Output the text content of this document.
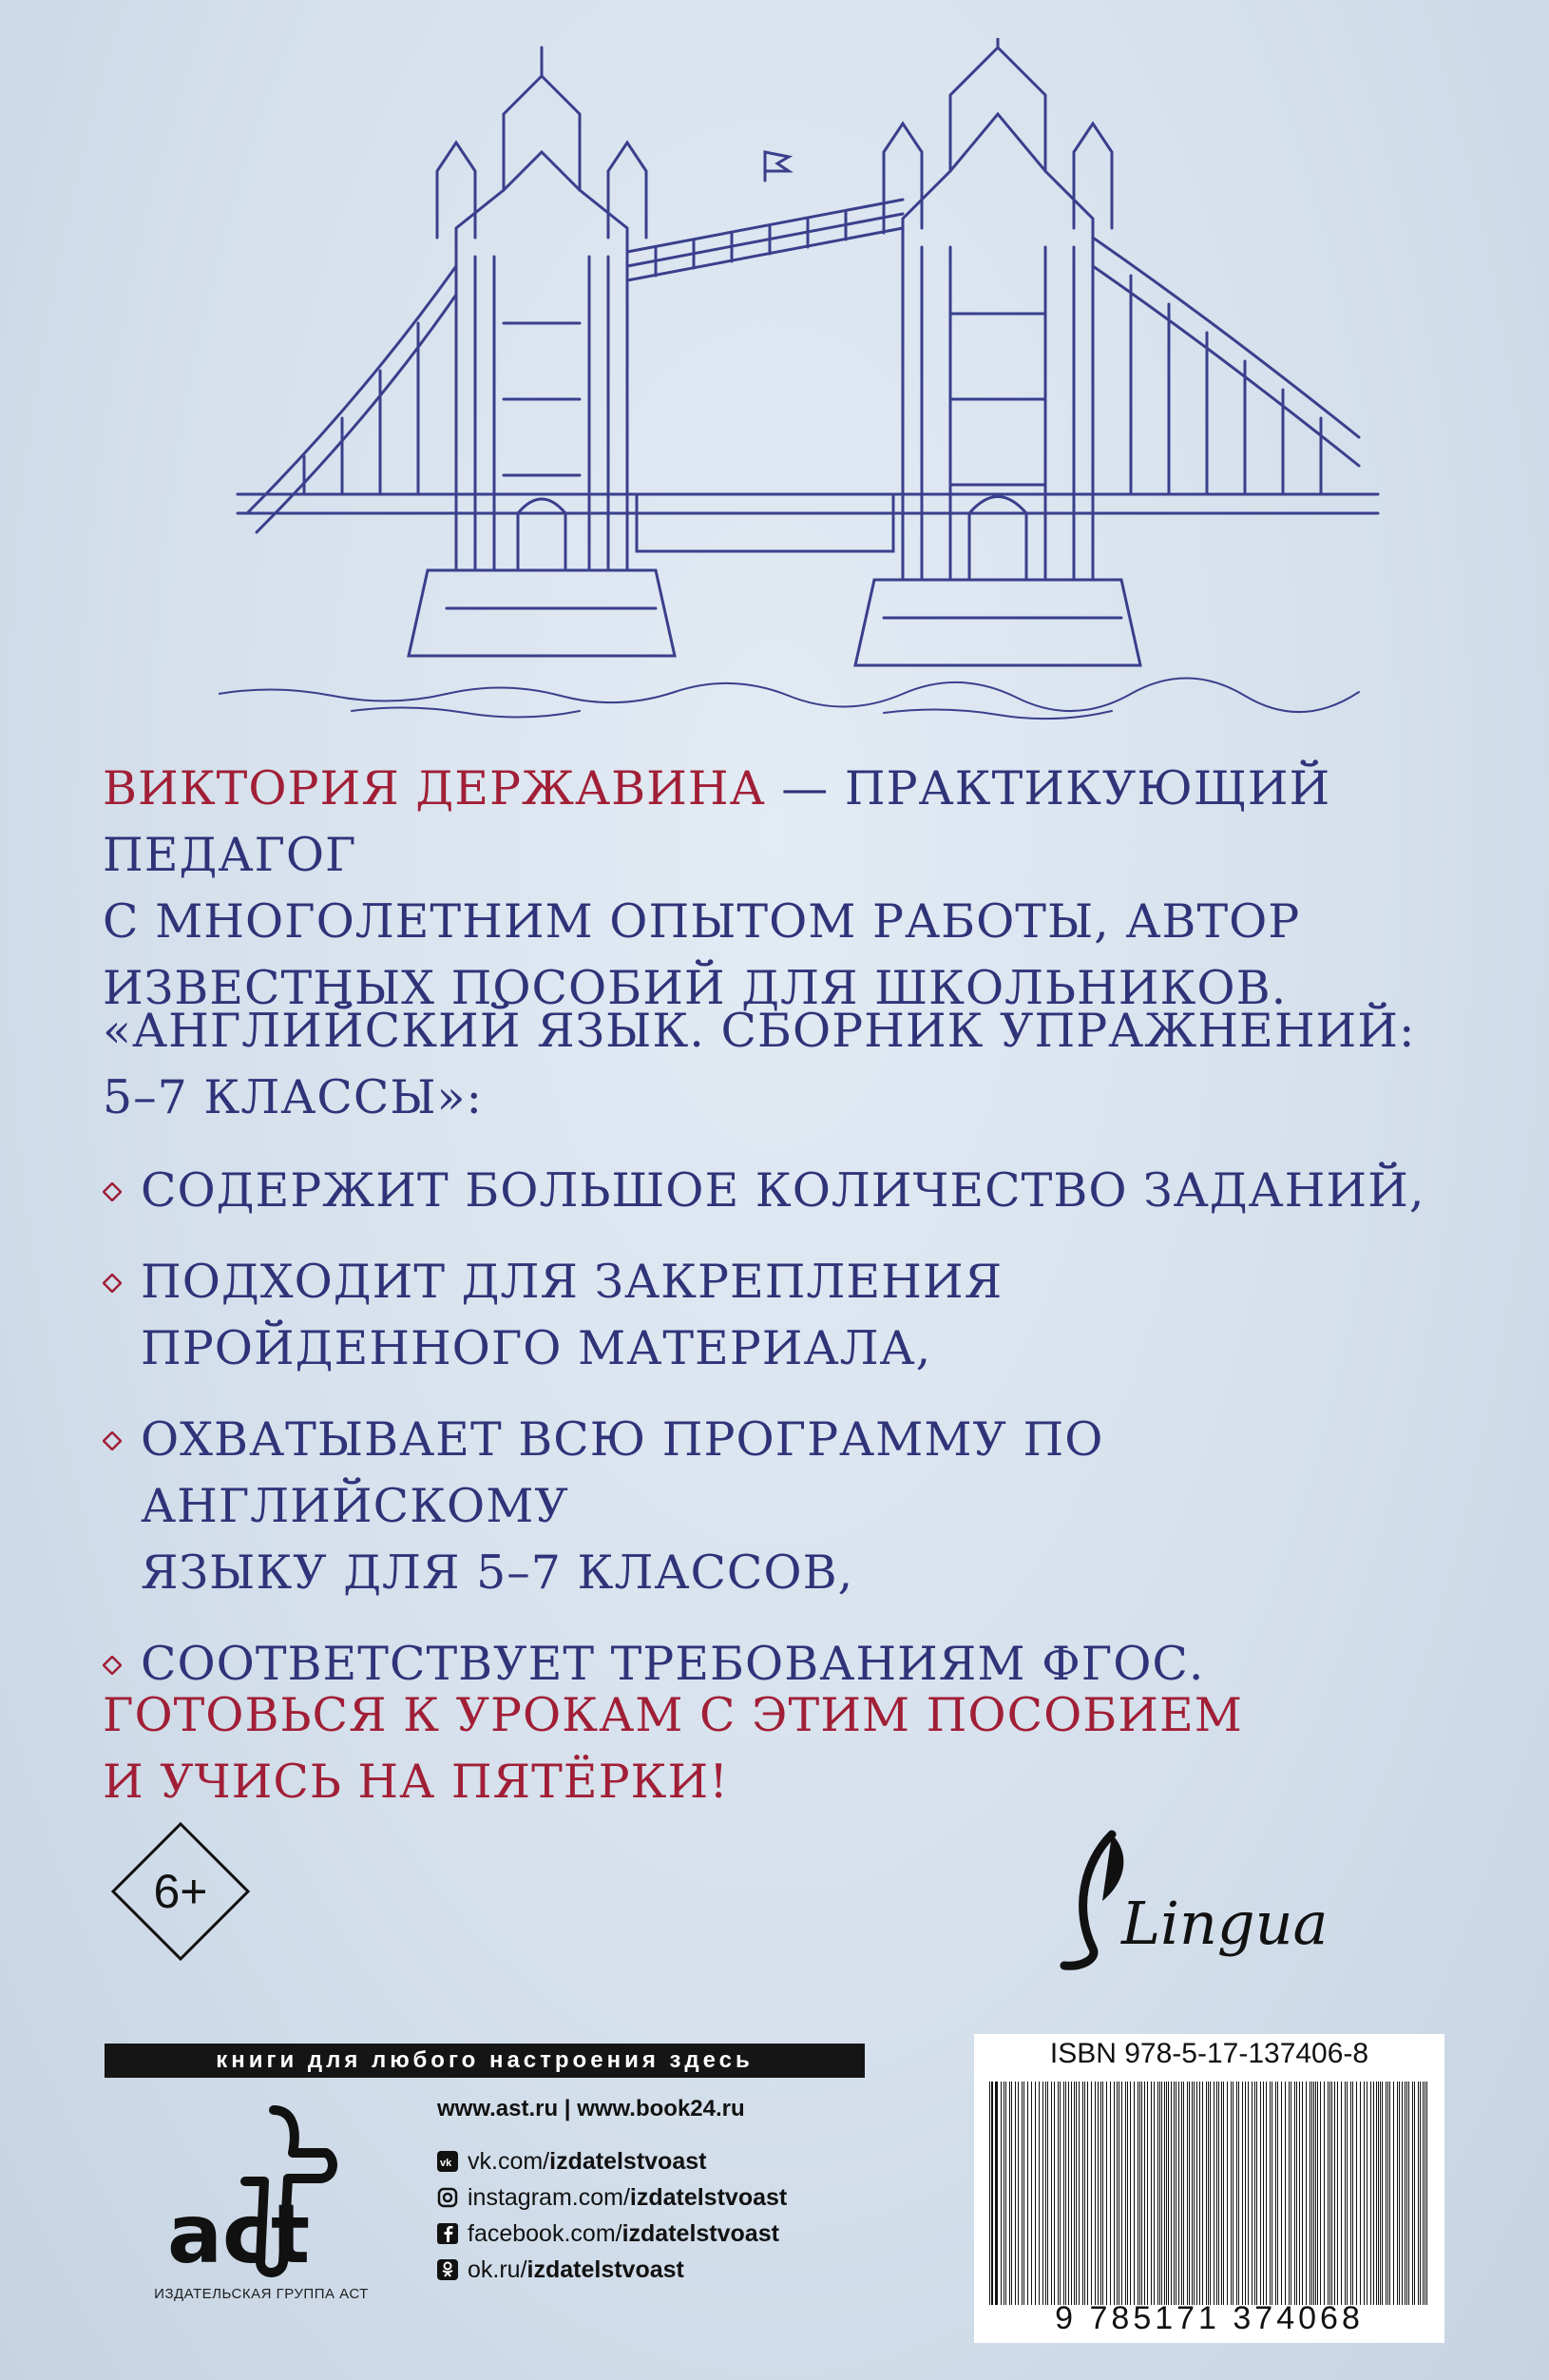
ВИКТОРИЯ ДЕРЖАВИНА — ПРАКТИКУЮЩИЙ ПЕДАГОГ
С МНОГОЛЕТНИМ ОПЫТОМ РАБОТЫ, АВТОР
ИЗВЕСТНЫХ ПОСОБИЙ ДЛЯ ШКОЛЬНИКОВ.
«АНГЛИЙСКИЙ ЯЗЫК. СБОРНИК УПРАЖНЕНИЙ:
5–7 КЛАССЫ»:
СОДЕРЖИТ БОЛЬШОЕ КОЛИЧЕСТВО ЗАДАНИЙ,
ПОДХОДИТ ДЛЯ ЗАКРЕПЛЕНИЯ
ПРОЙДЕННОГО МАТЕРИАЛА,
ОХВАТЫВАЕТ ВСЮ ПРОГРАММУ ПО АНГЛИЙСКОМУ
ЯЗЫКУ ДЛЯ 5–7 КЛАССОВ,
СООТВЕТСТВУЕТ ТРЕБОВАНИЯМ ФГОС.
ГОТОВЬСЯ К УРОКАМ С ЭТИМ ПОСОБИЕМ
И УЧИСЬ НА ПЯТЁРКИ!
6+	Lingua
книги для любого настроения здесь
act
ИЗДАТЕЛЬСКАЯ ГРУППА АСТ
www.ast.ru | www.book24.ru
vk vk.com/ izdatelstvoast
instagram.com/ izdatelstvoast
facebook.com/ izdatelstvoast
ok.ru/ izdatelstvoast
ISBN 978-5-17-137406-8
9 785171 374068
